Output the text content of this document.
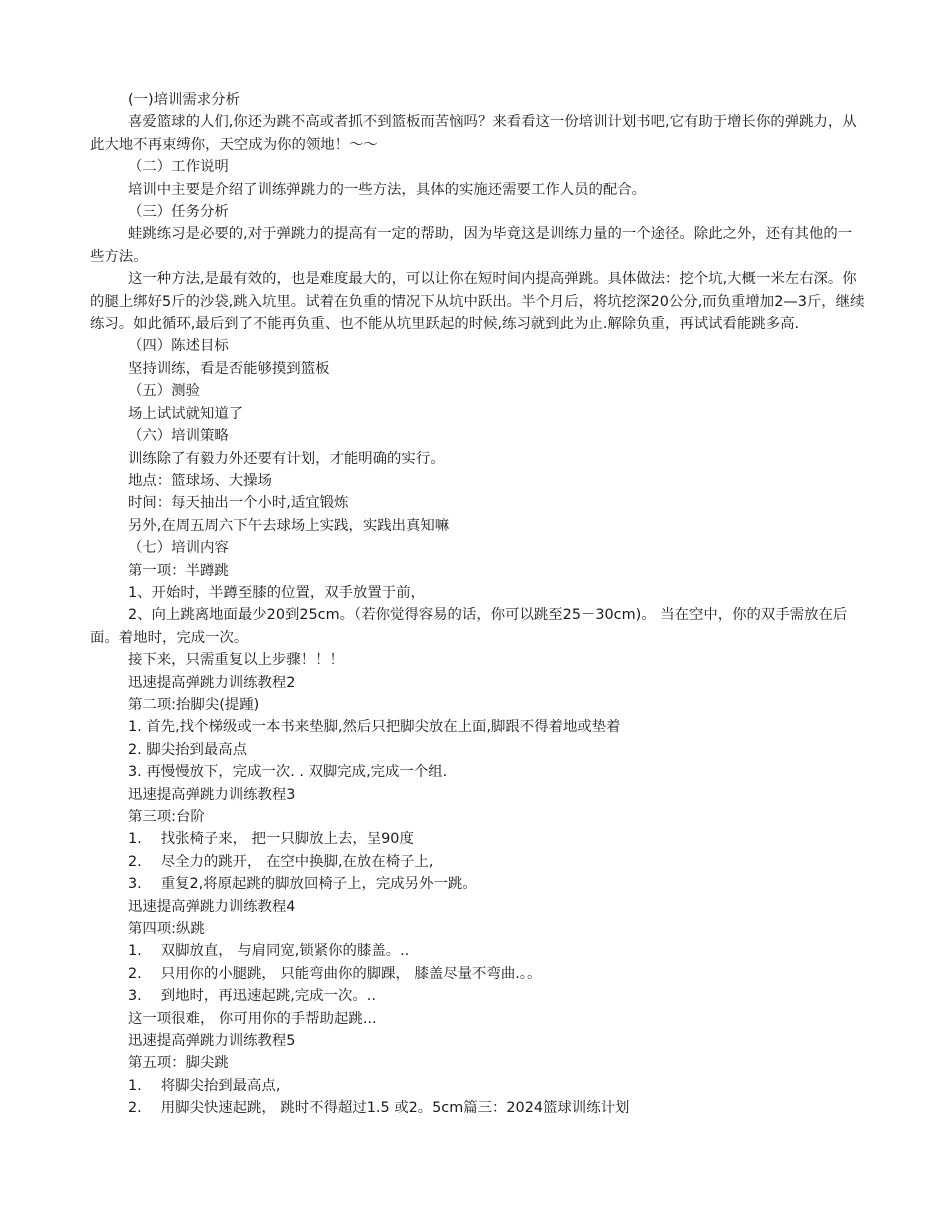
(一)培训需求分析

喜爱篮球的人们,你还为跳不高或者抓不到篮板而苦恼吗？来看看这一份培训计划书吧,它有助于增长你的弹跳力，从此大地不再束缚你，天空成为你的领地！～～

（二）工作说明

培训中主要是介绍了训练弹跳力的一些方法，具体的实施还需要工作人员的配合。

（三）任务分析

蛙跳练习是必要的,对于弹跳力的提高有一定的帮助，因为毕竟这是训练力量的一个途径。除此之外，还有其他的一些方法。

这一种方法,是最有效的，也是难度最大的，可以让你在短时间内提高弹跳。具体做法：挖个坑,大概一米左右深。你的腿上绑好5斤的沙袋,跳入坑里。试着在负重的情况下从坑中跃出。半个月后，将坑挖深20公分,而负重增加2—3斤，继续练习。如此循环,最后到了不能再负重、也不能从坑里跃起的时候,练习就到此为止.解除负重，再试试看能跳多高.

（四）陈述目标

坚持训练，看是否能够摸到篮板

（五）测验

场上试试就知道了

（六）培训策略

训练除了有毅力外还要有计划，才能明确的实行。

地点：篮球场、大操场

时间：每天抽出一个小时,适宜锻炼

另外,在周五周六下午去球场上实践，实践出真知嘛

（七）培训内容

第一项：半蹲跳

1、开始时，半蹲至膝的位置，双手放置于前，

2、向上跳离地面最少20到25cm。（若你觉得容易的话，你可以跳至25－30cm)。 当在空中，你的双手需放在后面。着地时，完成一次。

接下来，只需重复以上步骤！！！

迅速提高弹跳力训练教程2

第二项:抬脚尖(提踵)

1. 首先,找个梯级或一本书来垫脚,然后只把脚尖放在上面,脚跟不得着地或垫着

2. 脚尖抬到最高点

3. 再慢慢放下，完成一次. . 双脚完成,完成一个组.

迅速提高弹跳力训练教程3

第三项:台阶

1.　 找张椅子来， 把一只脚放上去，呈90度

2.　 尽全力的跳开， 在空中换脚,在放在椅子上,

3.　 重复2,将原起跳的脚放回椅子上，完成另外一跳。

迅速提高弹跳力训练教程4

第四项:纵跳

1.　 双脚放直， 与肩同宽,锁紧你的膝盖。..

2.　 只用你的小腿跳， 只能弯曲你的脚踝， 膝盖尽量不弯曲.。。

3.　 到地时，再迅速起跳,完成一次。..

这一项很难， 你可用你的手帮助起跳...

迅速提高弹跳力训练教程5

第五项：脚尖跳

1.　 将脚尖抬到最高点,

2.　 用脚尖快速起跳， 跳时不得超过1.5 或2。5cm篇三：2024篮球训练计划
